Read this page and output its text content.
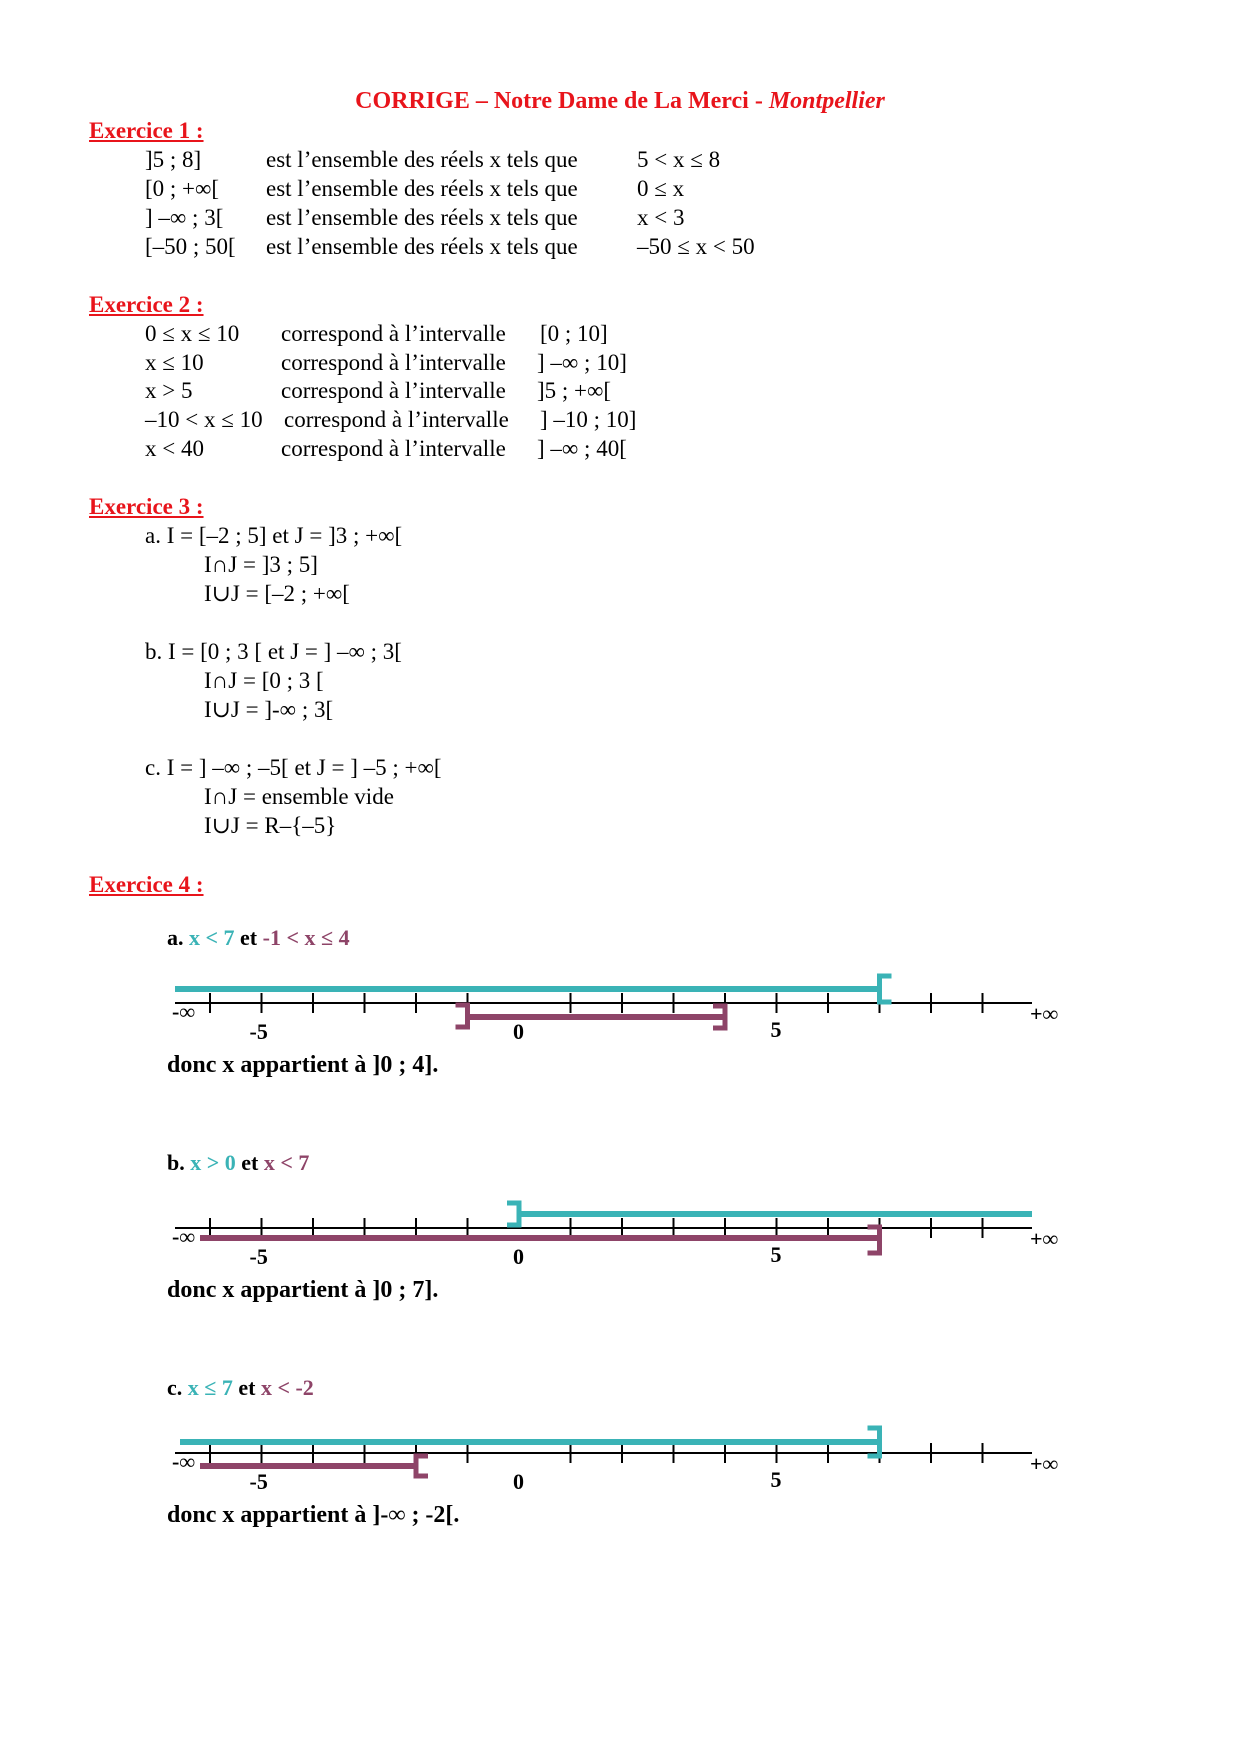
CORRIGE – Notre Dame de La Merci - Montpellier
Exercice 1 :
]5 ; 8]	est l’ensemble des réels x tels que	5 < x ≤ 8
[0 ; +∞[ est l’ensemble des réels x tels que	0 ≤ x
] –∞ ; 3[ est l’ensemble des réels x tels que	x < 3
[–50 ; 50[ est l’ensemble des réels x tels que	–50 ≤ x < 50
Exercice 2 :
0 ≤ x ≤ 10 correspond à l’intervalle [0 ; 10]
x ≤ 10	correspond à l’intervalle ] –∞ ; 10]
x > 5	correspond à l’intervalle ]5 ; +∞[
–10 < x ≤ 10 correspond à l’intervalle ] –10 ; 10]
x < 40	correspond à l’intervalle ] –∞ ; 40[
Exercice 3 :
a. I = [–2 ; 5] et J = ]3 ; +∞[
I∩J = ]3 ; 5]
I∪J = [–2 ; +∞[
b. I = [0 ; 3 [ et J = ] –∞ ; 3[
I∩J = [0 ; 3 [
I∪J = ]-∞ ; 3[
c. I = ] –∞ ; –5[ et J = ] –5 ; +∞[
I∩J = ensemble vide
I∪J = R–{–5}
Exercice 4 :
a. x < 7 et -1 < x ≤ 4
donc x appartient à ]0 ; 4].
b. x > 0 et x < 7
donc x appartient à ]0 ; 7].
c. x ≤ 7 et x < -2
donc x appartient à ]-∞ ; -2[.
-∞	+∞
-5	0	5
-∞	+∞
-5	0	5
-∞	+∞
-5	0	5
